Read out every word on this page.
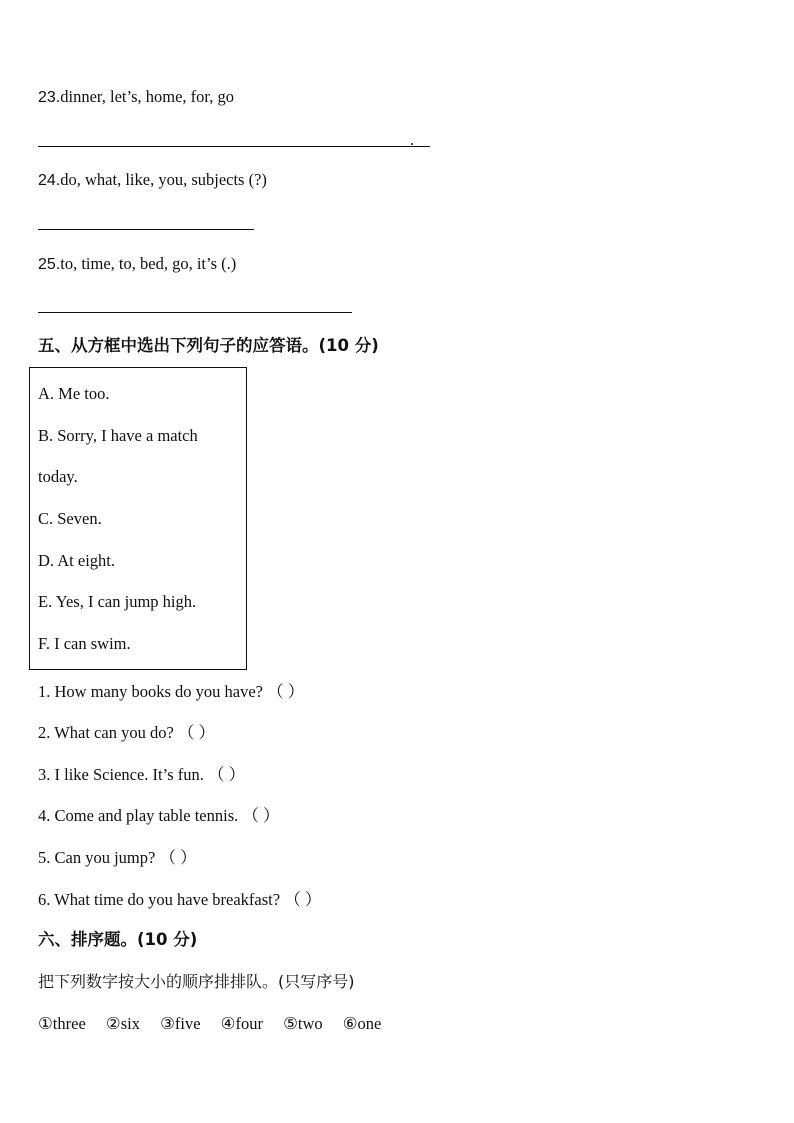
23.dinner, let’s, home, for, go
.
24.do, what, like, you, subjects (?)
25.to, time, to, bed, go, it’s (.)
五、从方框中选出下列句子的应答语。(10 分)
A. Me too.
B. Sorry, I have a match
today.
C. Seven.
D. At eight.
E. Yes, I can jump high.
F. I can swim.
1. How many books do you have? （ ）
2. What can you do? （ ）
3. I like Science. It’s fun. （ ）
4. Come and play table tennis. （ ）
5. Can you jump? （ ）
6. What time do you have breakfast? （ ）
六、排序题。(10 分)
把下列数字按大小的顺序排排队。(只写序号)
①three ②six ③five ④four ⑤two ⑥one
